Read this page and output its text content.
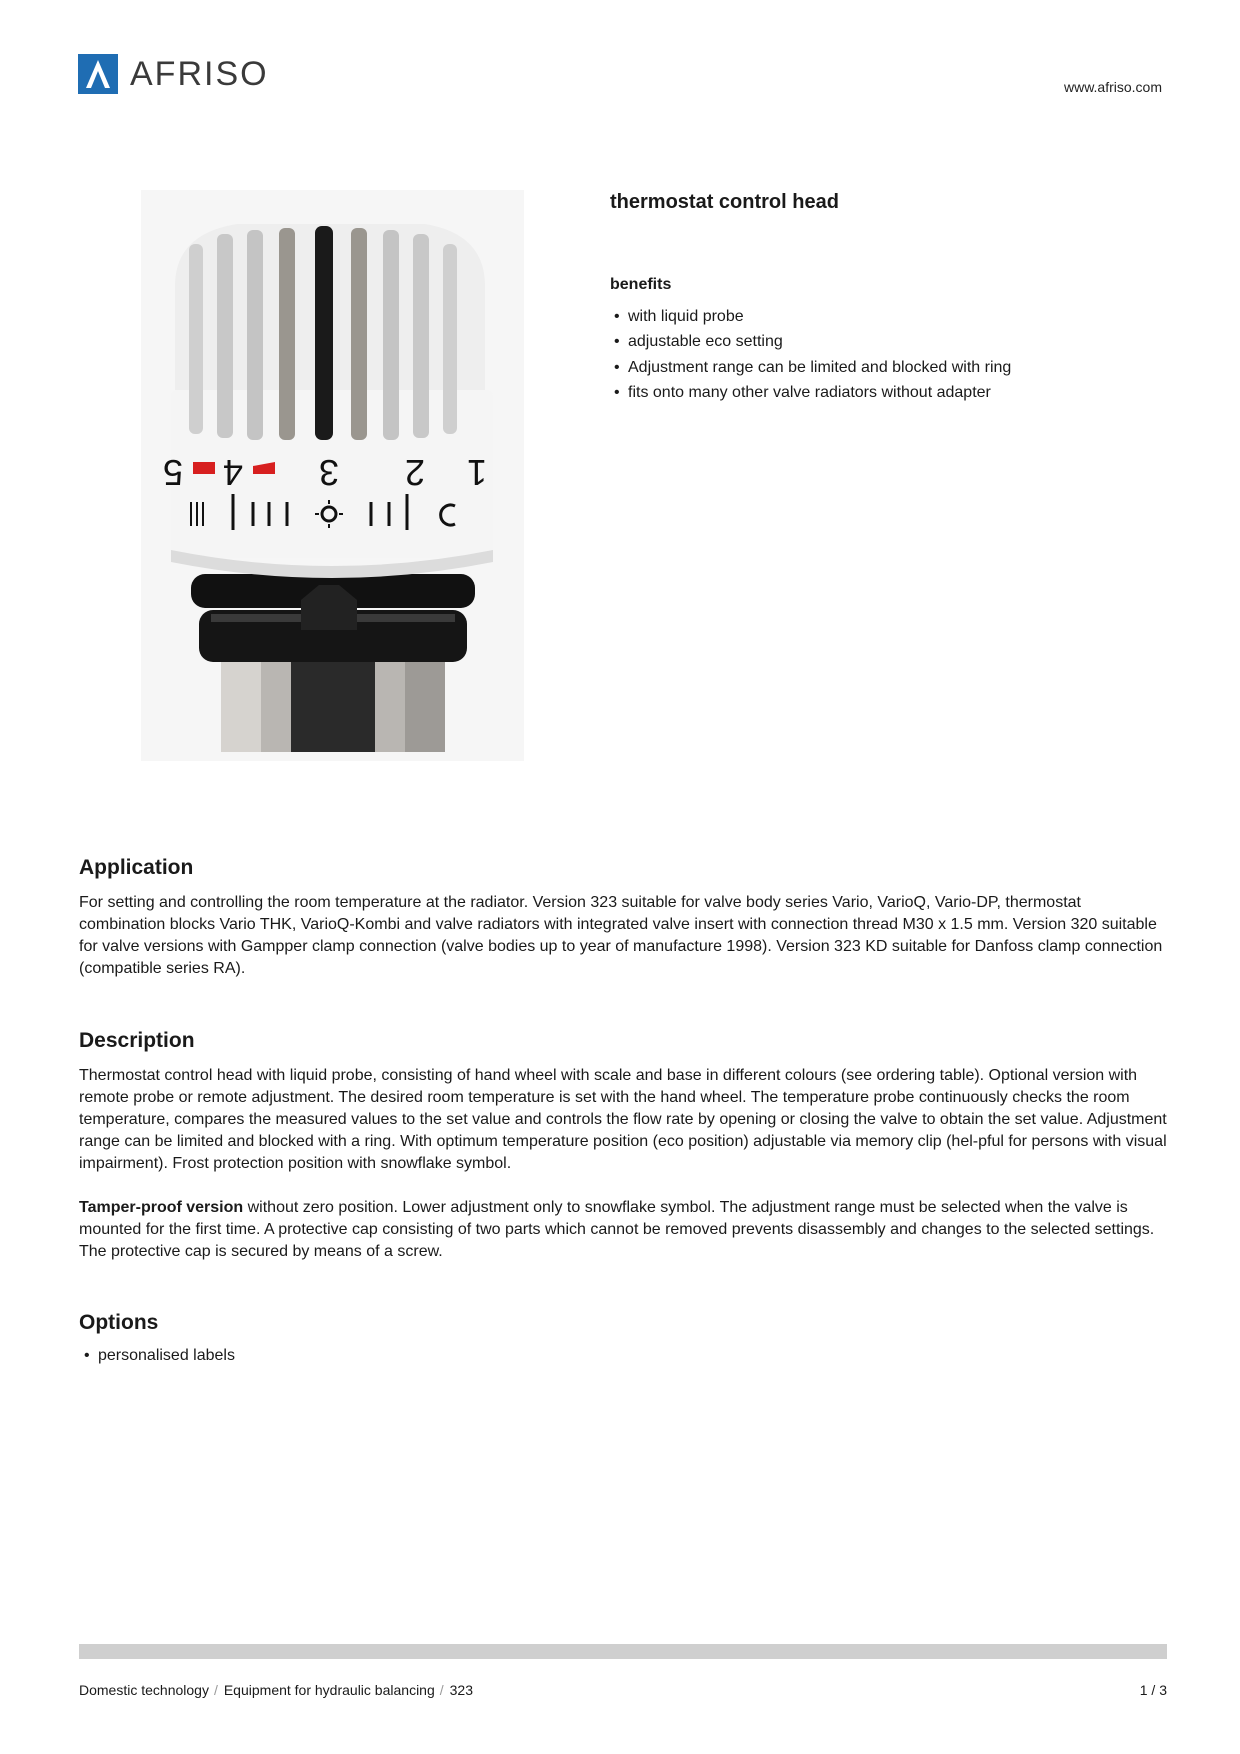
AFRISO	www.afriso.com
5 4 3 2 1
thermostat control head
benefits
• with liquid probe
• adjustable eco setting
• Adjustment range can be limited and blocked with ring
• fits onto many other valve radiators without adapter
Application

For setting and controlling the room temperature at the radiator. Version 323 suitable for valve body series Vario, VarioQ, Vario-DP, thermostat combination blocks Vario THK, VarioQ-Kombi and valve radiators with integrated valve insert with connection thread M30 x 1.5 mm. Version 320 suitable for valve versions with Gampper clamp connection (valve bodies up to year of manufacture 1998). Version 323 KD suitable for Danfoss clamp connection (compatible series RA).

Description

Thermostat control head with liquid probe, consisting of hand wheel with scale and base in different colours (see ordering table). Optional version with remote probe or remote adjustment. The desired room temperature is set with the hand wheel. The temperature probe continuously checks the room temperature, compares the measured values to the set value and controls the flow rate by opening or closing the valve to obtain the set value. Adjustment range can be limited and blocked with a ring. With optimum temperature position (eco position) adjustable via memory clip (hel-pful for persons with visual impairment). Frost protection position with snowflake symbol.

Tamper-proof version without zero position. Lower adjustment only to snowflake symbol. The adjustment range must be selected when the valve is mounted for the first time. A protective cap consisting of two parts which cannot be removed prevents disassembly and changes to the selected settings. The protective cap is secured by means of a screw.

Options
• personalised labels
Domestic technology / Equipment for hydraulic balancing / 323	1 / 3
